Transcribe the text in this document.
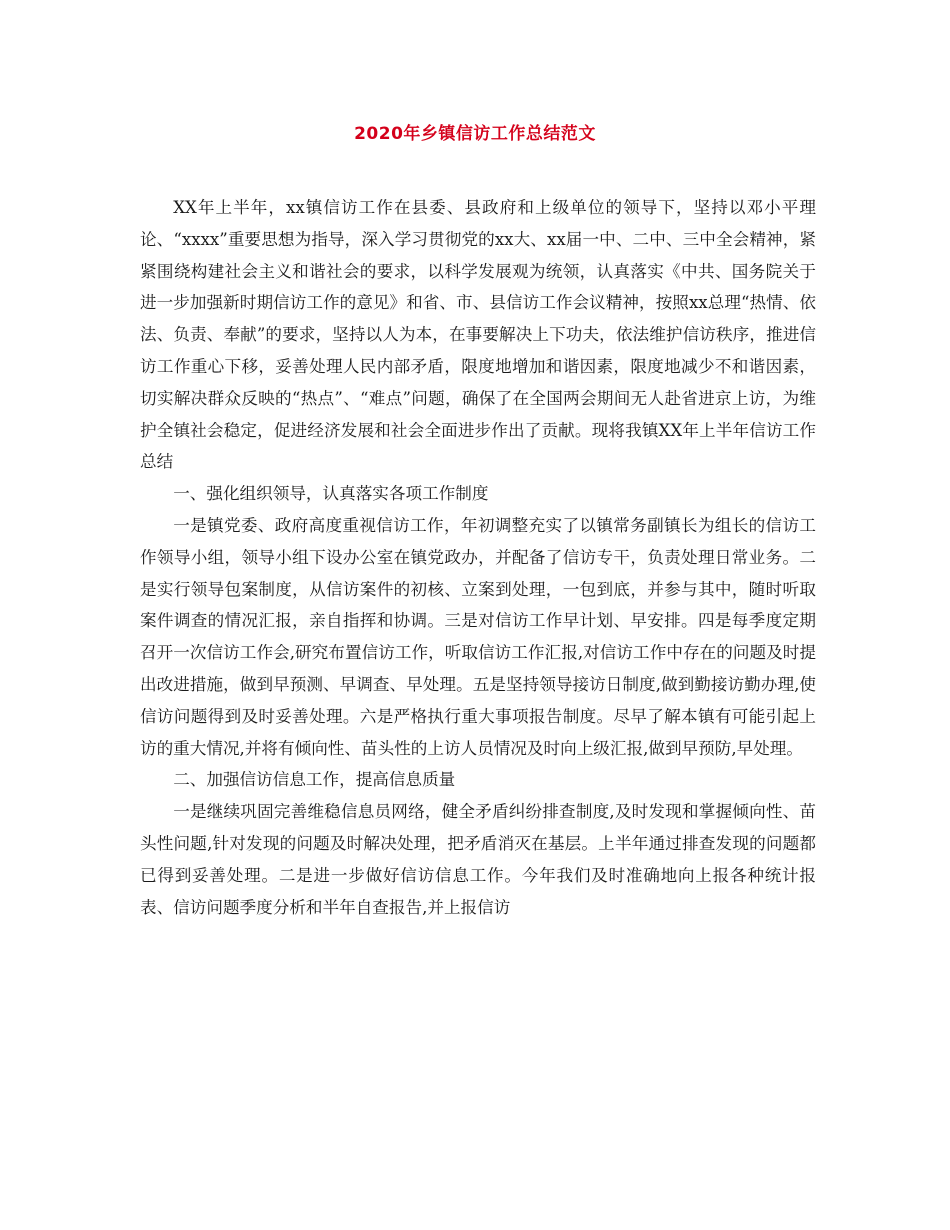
2020年乡镇信访工作总结范文

XX年上半年，xx镇信访工作在县委、县政府和上级单位的领导下，坚持以邓小平理论、“xxxx”重要思想为指导，深入学习贯彻党的xx大、xx届一中、二中、三中全会精神，紧紧围绕构建社会主义和谐社会的要求，以科学发展观为统领，认真落实《中共、国务院关于进一步加强新时期信访工作的意见》和省、市、县信访工作会议精神，按照xx总理“热情、依法、负责、奉献”的要求，坚持以人为本，在事要解决上下功夫，依法维护信访秩序，推进信访工作重心下移，妥善处理人民内部矛盾，限度地增加和谐因素，限度地减少不和谐因素，切实解决群众反映的“热点”、“难点”问题，确保了在全国两会期间无人赴省进京上访，为维护全镇社会稳定，促进经济发展和社会全面进步作出了贡献。现将我镇XX年上半年信访工作总结

一、强化组织领导，认真落实各项工作制度

一是镇党委、政府高度重视信访工作，年初调整充实了以镇常务副镇长为组长的信访工作领导小组，领导小组下设办公室在镇党政办，并配备了信访专干，负责处理日常业务。二是实行领导包案制度，从信访案件的初核、立案到处理，一包到底，并参与其中，随时听取案件调查的情况汇报，亲自指挥和协调。三是对信访工作早计划、早安排。四是每季度定期召开一次信访工作会,研究布置信访工作，听取信访工作汇报,对信访工作中存在的问题及时提出改进措施，做到早预测、早调查、早处理。五是坚持领导接访日制度,做到勤接访勤办理,使信访问题得到及时妥善处理。六是严格执行重大事项报告制度。尽早了解本镇有可能引起上访的重大情况,并将有倾向性、苗头性的上访人员情况及时向上级汇报,做到早预防,早处理。

二、加强信访信息工作，提高信息质量

一是继续巩固完善维稳信息员网络，健全矛盾纠纷排查制度,及时发现和掌握倾向性、苗头性问题,针对发现的问题及时解决处理，把矛盾消灭在基层。上半年通过排查发现的问题都已得到妥善处理。二是进一步做好信访信息工作。今年我们及时准确地向上报各种统计报表、信访问题季度分析和半年自查报告,并上报信访
